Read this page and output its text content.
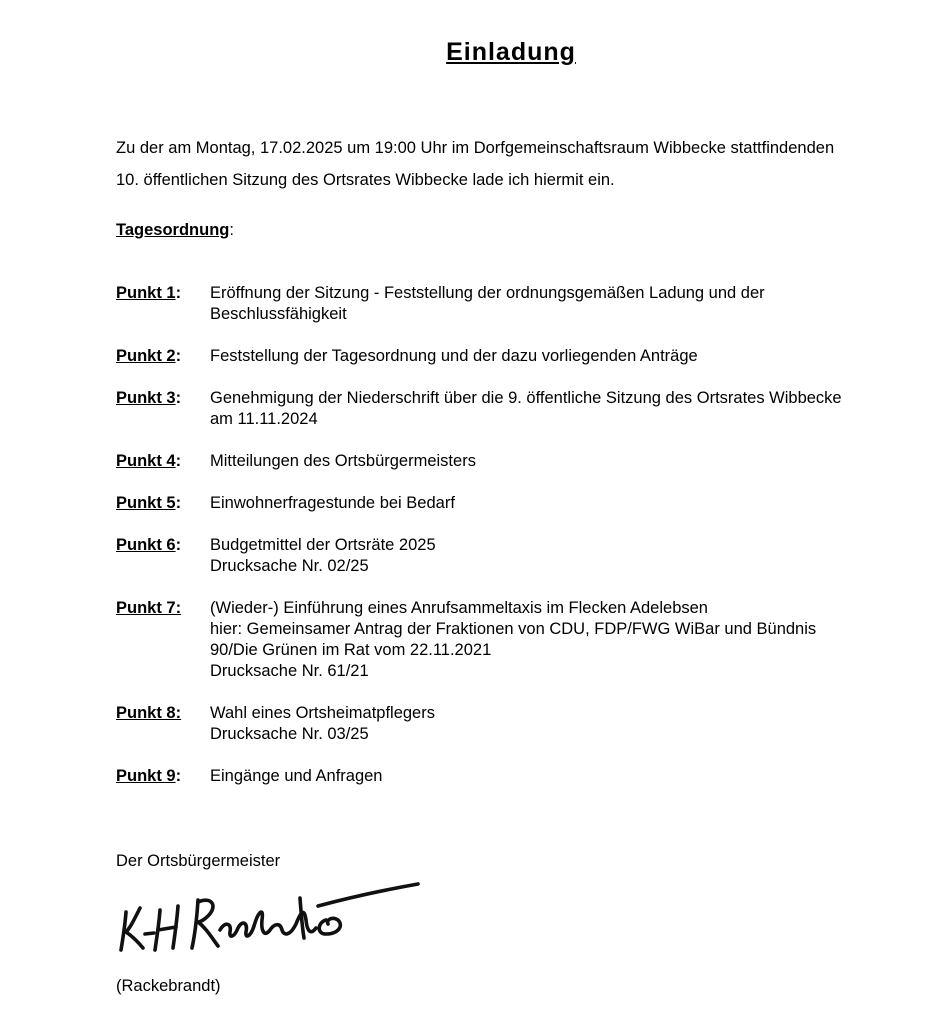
Einladung
Zu der am Montag, 17.02.2025 um 19:00 Uhr im Dorfgemeinschaftsraum Wibbecke stattfindenden
10. öffentlichen Sitzung des Ortsrates Wibbecke lade ich hiermit ein.
Tagesordnung:
Punkt 1: Eröffnung der Sitzung - Feststellung der ordnungsgemäßen Ladung und der
Beschlussfähigkeit
Punkt 2: Feststellung der Tagesordnung und der dazu vorliegenden Anträge
Punkt 3: Genehmigung der Niederschrift über die 9. öffentliche Sitzung des Ortsrates Wibbecke
am 11.11.2024
Punkt 4: Mitteilungen des Ortsbürgermeisters
Punkt 5: Einwohnerfragestunde bei Bedarf
Punkt 6: Budgetmittel der Ortsräte 2025
Drucksache Nr. 02/25
Punkt 7: (Wieder-) Einführung eines Anrufsammeltaxis im Flecken Adelebsen
hier: Gemeinsamer Antrag der Fraktionen von CDU, FDP/FWG WiBar und Bündnis
90/Die Grünen im Rat vom 22.11.2021
Drucksache Nr. 61/21
Punkt 8: Wahl eines Ortsheimatpflegers
Drucksache Nr. 03/25
Punkt 9: Eingänge und Anfragen
Der Ortsbürgermeister
(Rackebrandt)
